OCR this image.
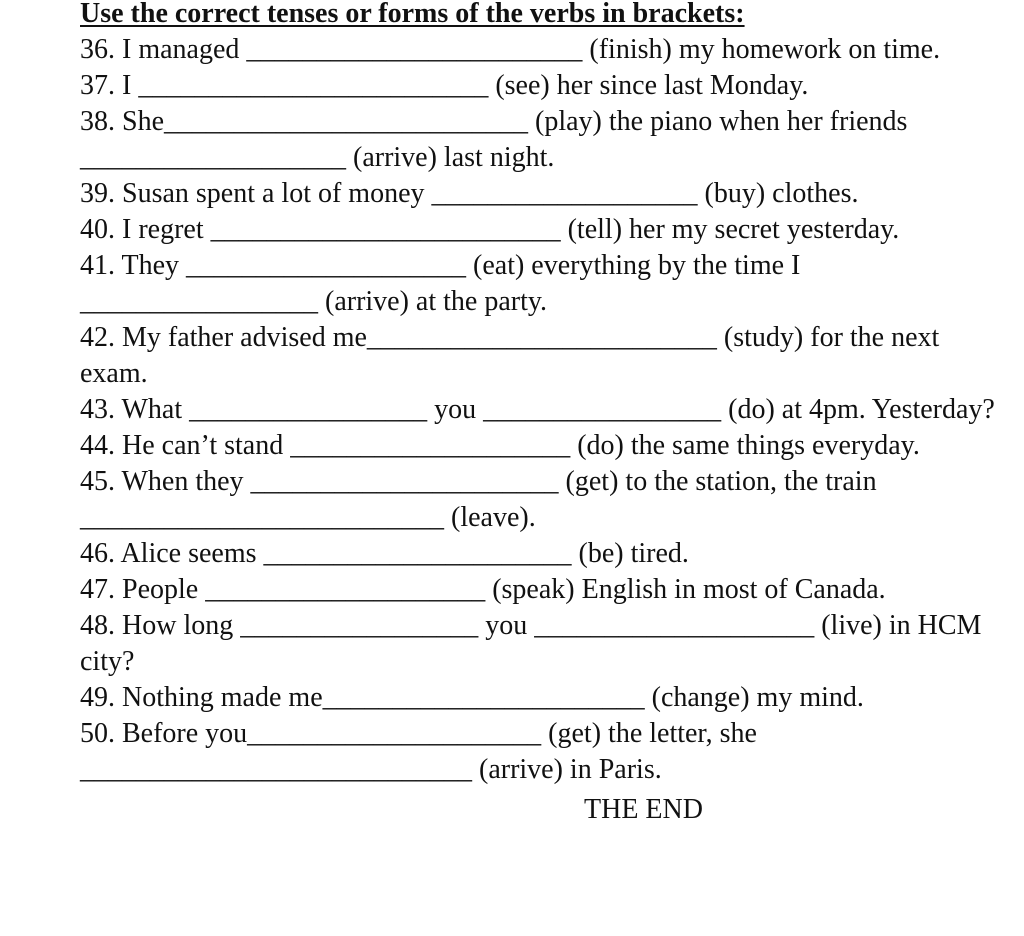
Use the correct tenses or forms of the verbs in brackets:
36. I managed ________________________ (finish) my homework on time.
37. I _________________________ (see) her since last Monday.
38. She__________________________ (play) the piano when her friends
___________________ (arrive) last night.
39. Susan spent a lot of money ___________________ (buy) clothes.
40. I regret _________________________ (tell) her my secret yesterday.
41. They ____________________ (eat) everything by the time I
_________________ (arrive) at the party.
42. My father advised me_________________________ (study) for the next
exam.
43. What _________________ you _________________ (do) at 4pm. Yesterday?
44. He can’t stand ____________________ (do) the same things everyday.
45. When they ______________________ (get) to the station, the train
__________________________ (leave).
46. Alice seems ______________________ (be) tired.
47. People ____________________ (speak) English in most of Canada.
48. How long _________________ you ____________________ (live) in HCM
city?
49. Nothing made me_______________________ (change) my mind.
50. Before you_____________________ (get) the letter, she
____________________________ (arrive) in Paris.
THE END
